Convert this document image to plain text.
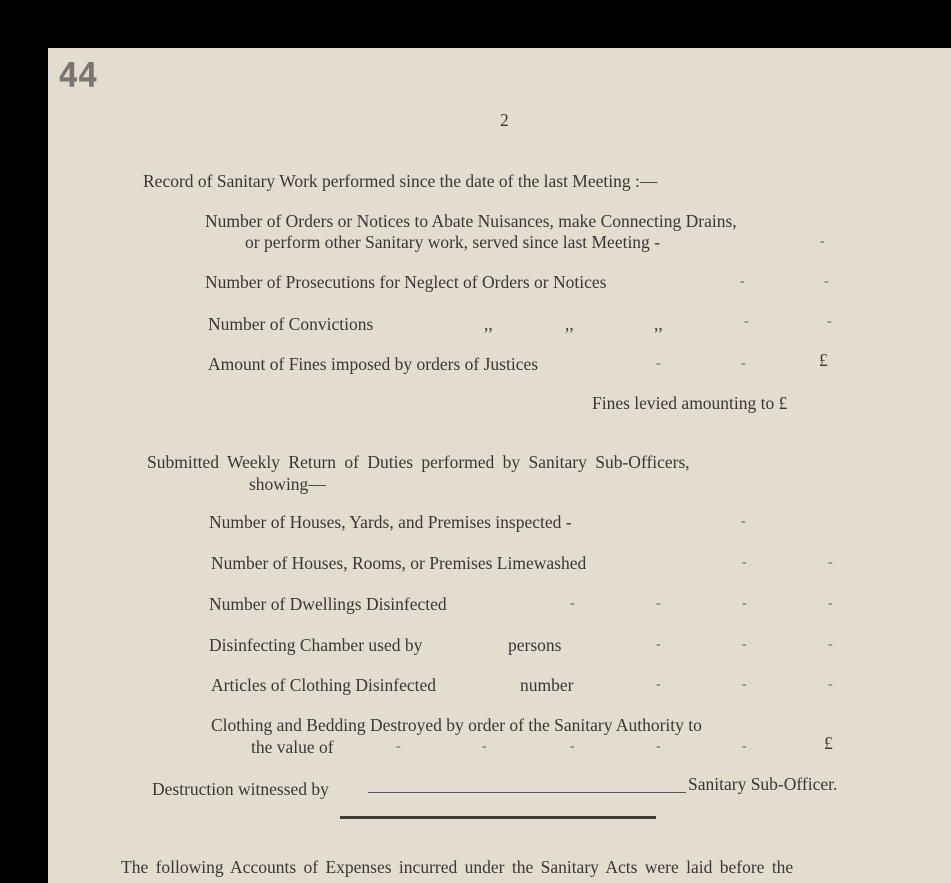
44
2
Record of Sanitary Work performed since the date of the last Meeting :—
Number of Orders or Notices to Abate Nuisances, make Connecting Drains,
or perform other Sanitary work, served since last Meeting -	-
Number of Prosecutions for Neglect of Orders or Notices	-	-
Number of Convictions	,,	,,	,,	-	-
Amount of Fines imposed by orders of Justices	-	-	£
Fines levied amounting to £
Submitted Weekly Return of Duties performed by Sanitary Sub-Officers,
showing—
Number of Houses, Yards, and Premises inspected -	-
Number of Houses, Rooms, or Premises Limewashed	-	-
Number of Dwellings Disinfected	-	-	-	-
Disinfecting Chamber used by	persons	-	-	-
Articles of Clothing Disinfected	number	-	-	-
Clothing and Bedding Destroyed by order of the Sanitary Authority to
the value of	-	-	-	-	-	£
Destruction witnessed by	Sanitary Sub-Officer.
The following Accounts of Expenses incurred under the Sanitary Acts were laid before the
